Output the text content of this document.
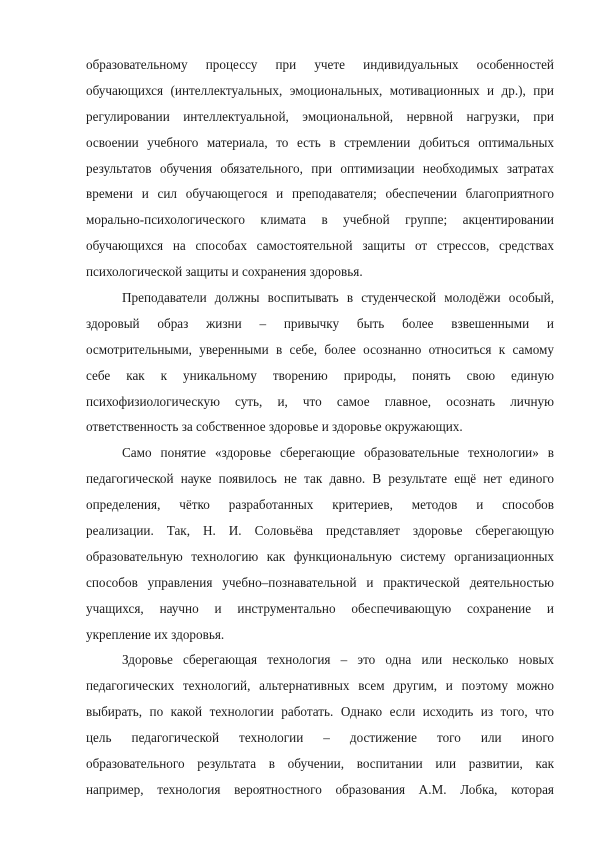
образовательному процессу при учете индивидуальных особенностей
обучающихся (интеллектуальных, эмоциональных, мотивационных и др.), при
регулировании интеллектуальной, эмоциональной, нервной нагрузки, при
освоении учебного материала, то есть в стремлении добиться оптимальных
результатов обучения обязательного, при оптимизации необходимых затратах
времени и сил обучающегося и преподавателя; обеспечении благоприятного
морально-психологического климата в учебной группе; акцентировании
обучающихся на способах самостоятельной защиты от стрессов, средствах
психологической защиты и сохранения здоровья.
Преподаватели должны воспитывать в студенческой молодёжи особый,
здоровый образ жизни – привычку быть более взвешенными и
осмотрительными, уверенными в себе, более осознанно относиться к самому
себе как к уникальному творению природы, понять свою единую
психофизиологическую суть, и, что самое главное, осознать личную
ответственность за собственное здоровье и здоровье окружающих.
Само понятие «здоровье сберегающие образовательные технологии» в
педагогической науке появилось не так давно. В результате ещё нет единого
определения, чётко разработанных критериев, методов и способов
реализации. Так, Н. И. Соловьёва представляет здоровье сберегающую
образовательную технологию как функциональную систему организационных
способов управления учебно–познавательной и практической деятельностью
учащихся, научно и инструментально обеспечивающую сохранение и
укрепление их здоровья.
Здоровье сберегающая технология – это одна или несколько новых
педагогических технологий, альтернативных всем другим, и поэтому можно
выбирать, по какой технологии работать. Однако если исходить из того, что
цель педагогической технологии – достижение того или иного
образовательного результата в обучении, воспитании или развитии, как
например, технология вероятностного образования А.М. Лобка, которая
